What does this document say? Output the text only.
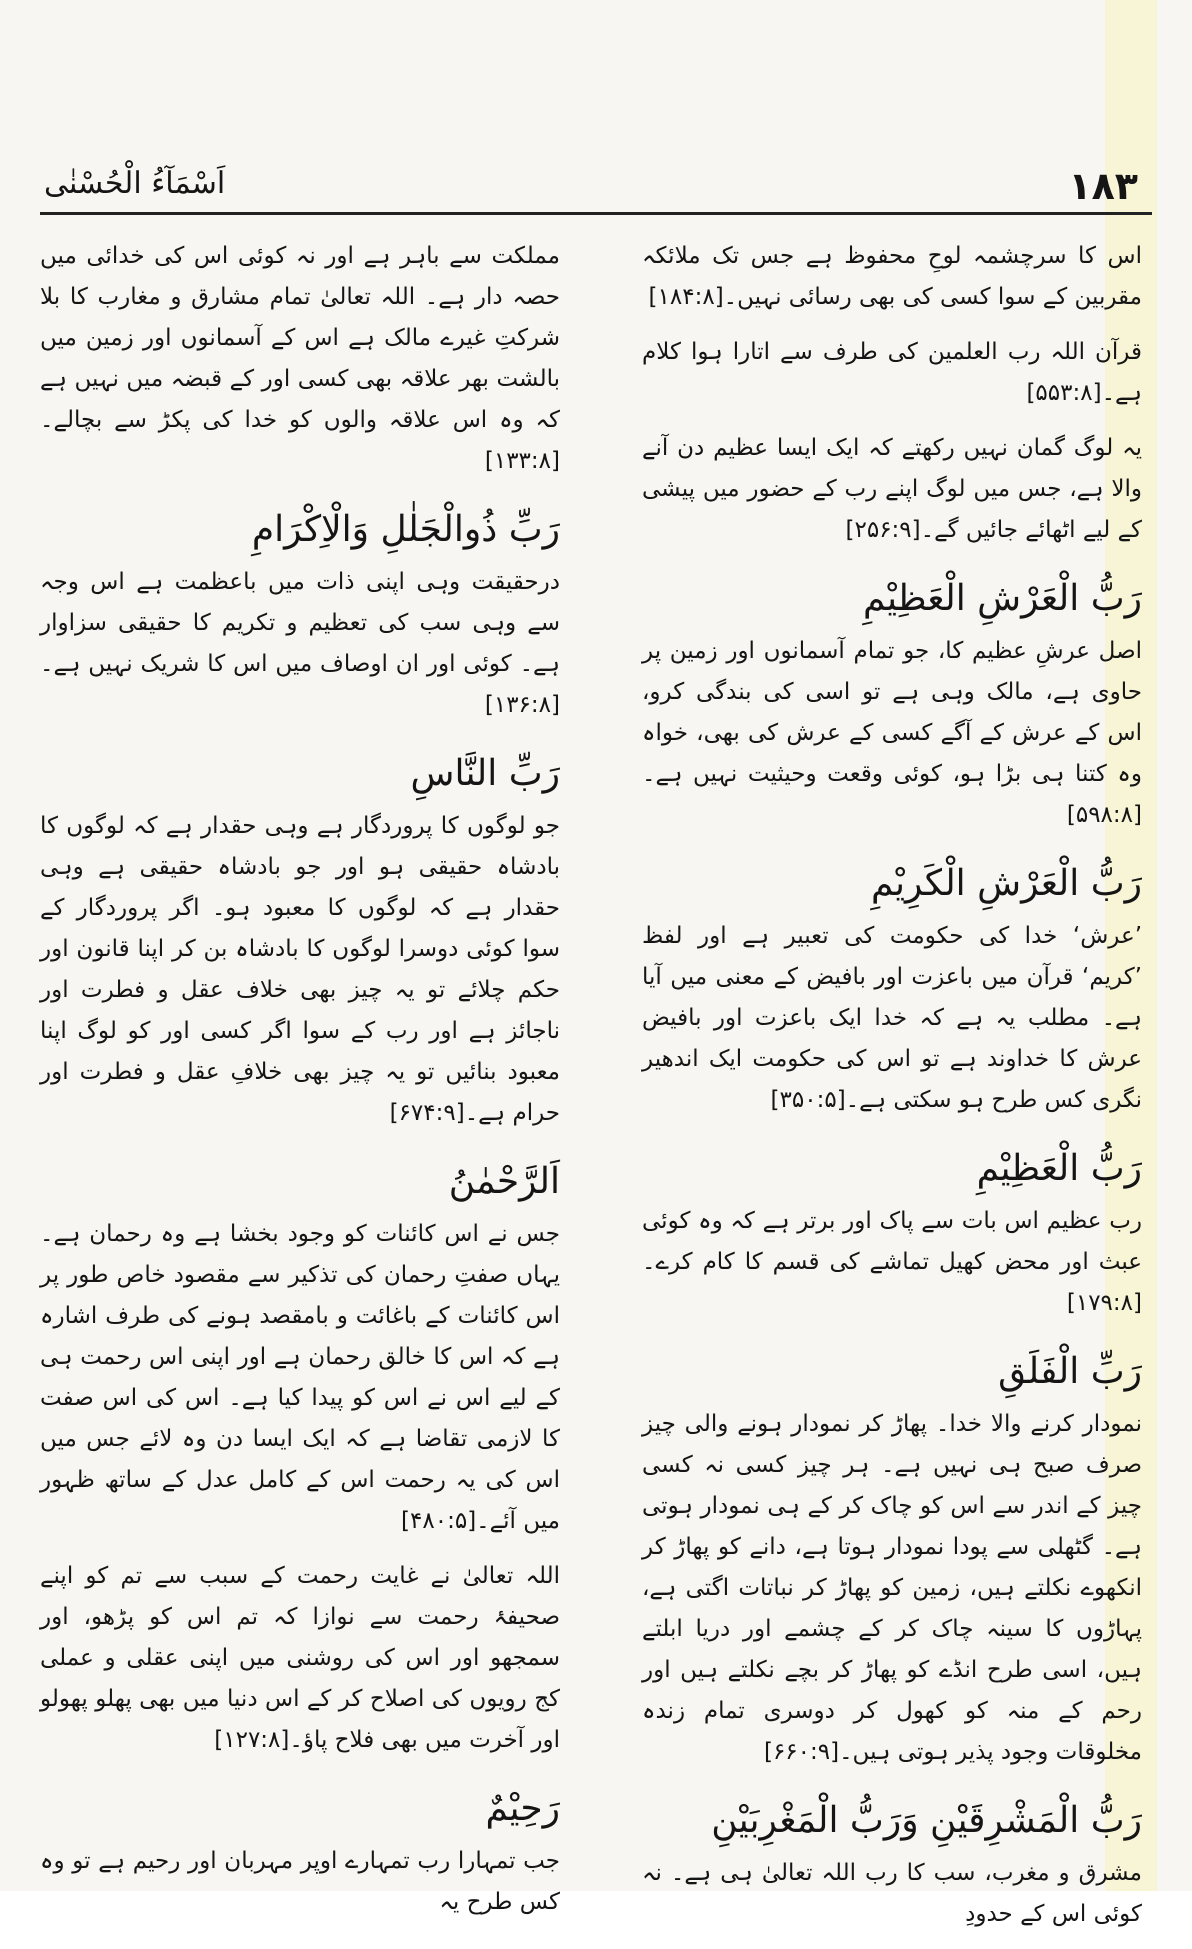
۱۸۳
اَسْمَآءُ الْحُسْنٰی
اس کا سرچشمہ لوحِ محفوظ ہے جس تک ملائکہ مقربین کے سوا کسی کی بھی رسائی نہیں۔[۱۸۴:۸]
قرآن اللہ رب العلمین کی طرف سے اتارا ہوا کلام ہے۔[۵۵۳:۸]
یہ لوگ گمان نہیں رکھتے کہ ایک ایسا عظیم دن آنے والا ہے، جس میں لوگ اپنے رب کے حضور میں پیشی کے لیے اٹھائے جائیں گے۔[۲۵۶:۹]
رَبُّ الْعَرْشِ الْعَظِيْمِ
اصل عرشِ عظیم کا، جو تمام آسمانوں اور زمین پر حاوی ہے، مالک وہی ہے تو اسی کی بندگی کرو، اس کے عرش کے آگے کسی کے عرش کی بھی، خواہ وہ کتنا ہی بڑا ہو، کوئی وقعت وحیثیت نہیں ہے۔[۵۹۸:۸]
رَبُّ الْعَرْشِ الْكَرِيْمِ
’عرش‘ خدا کی حکومت کی تعبیر ہے اور لفظ ’کریم‘ قرآن میں باعزت اور بافیض کے معنی میں آیا ہے۔ مطلب یہ ہے کہ خدا ایک باعزت اور بافیض عرش کا خداوند ہے تو اس کی حکومت ایک اندھیر نگری کس طرح ہو سکتی ہے۔[۳۵۰:۵]
رَبُّ الْعَظِيْمِ
رب عظیم اس بات سے پاک اور برتر ہے کہ وہ کوئی عبث اور محض کھیل تماشے کی قسم کا کام کرے۔[۱۷۹:۸]
رَبِّ الْفَلَقِ
نمودار کرنے والا خدا۔ پھاڑ کر نمودار ہونے والی چیز صرف صبح ہی نہیں ہے۔ ہر چیز کسی نہ کسی چیز کے اندر سے اس کو چاک کر کے ہی نمودار ہوتی ہے۔ گٹھلی سے پودا نمودار ہوتا ہے، دانے کو پھاڑ کر انکھوے نکلتے ہیں، زمین کو پھاڑ کر نباتات اگتی ہے، پہاڑوں کا سینہ چاک کر کے چشمے اور دریا ابلتے ہیں، اسی طرح انڈے کو پھاڑ کر بچے نکلتے ہیں اور رحم کے منہ کو کھول کر دوسری تمام زندہ مخلوقات وجود پذیر ہوتی ہیں۔[۶۶۰:۹]
رَبُّ الْمَشْرِقَيْنِ وَرَبُّ الْمَغْرِبَيْنِ
مشرق و مغرب، سب کا رب اللہ تعالیٰ ہی ہے۔ نہ کوئی اس کے حدودِ
مملکت سے باہر ہے اور نہ کوئی اس کی خدائی میں حصہ دار ہے۔ اللہ تعالیٰ تمام مشارق و مغارب کا بلا شرکتِ غیرے مالک ہے اس کے آسمانوں اور زمین میں بالشت بھر علاقہ بھی کسی اور کے قبضہ میں نہیں ہے کہ وہ اس علاقہ والوں کو خدا کی پکڑ سے بچالے۔[۱۳۳:۸]
رَبِّ ذُوالْجَلٰلِ وَالْاِكْرَامِ
درحقیقت وہی اپنی ذات میں باعظمت ہے اس وجہ سے وہی سب کی تعظیم و تکریم کا حقیقی سزاوار ہے۔ کوئی اور ان اوصاف میں اس کا شریک نہیں ہے۔[۱۳۶:۸]
رَبِّ النَّاسِ
جو لوگوں کا پروردگار ہے وہی حقدار ہے کہ لوگوں کا بادشاہ حقیقی ہو اور جو بادشاہ حقیقی ہے وہی حقدار ہے کہ لوگوں کا معبود ہو۔ اگر پروردگار کے سوا کوئی دوسرا لوگوں کا بادشاہ بن کر اپنا قانون اور حکم چلائے تو یہ چیز بھی خلاف عقل و فطرت اور ناجائز ہے اور رب کے سوا اگر کسی اور کو لوگ اپنا معبود بنائیں تو یہ چیز بھی خلافِ عقل و فطرت اور حرام ہے۔[۶۷۴:۹]
اَلرَّحْمٰنُ
جس نے اس کائنات کو وجود بخشا ہے وہ رحمان ہے۔ یہاں صفتِ رحمان کی تذکیر سے مقصود خاص طور پر اس کائنات کے باغائت و بامقصد ہونے کی طرف اشارہ ہے کہ اس کا خالق رحمان ہے اور اپنی اس رحمت ہی کے لیے اس نے اس کو پیدا کیا ہے۔ اس کی اس صفت کا لازمی تقاضا ہے کہ ایک ایسا دن وہ لائے جس میں اس کی یہ رحمت اس کے کامل عدل کے ساتھ ظہور میں آئے۔[۴۸۰:۵]
اللہ تعالیٰ نے غایت رحمت کے سبب سے تم کو اپنے صحیفۂ رحمت سے نوازا کہ تم اس کو پڑھو، اور سمجھو اور اس کی روشنی میں اپنی عقلی و عملی کج رویوں کی اصلاح کر کے اس دنیا میں بھی پھلو پھولو اور آخرت میں بھی فلاح پاؤ۔[۱۲۷:۸]
رَحِيْمٌ
جب تمہارا رب تمہارے اوپر مہربان اور رحیم ہے تو وہ کس طرح یہ
